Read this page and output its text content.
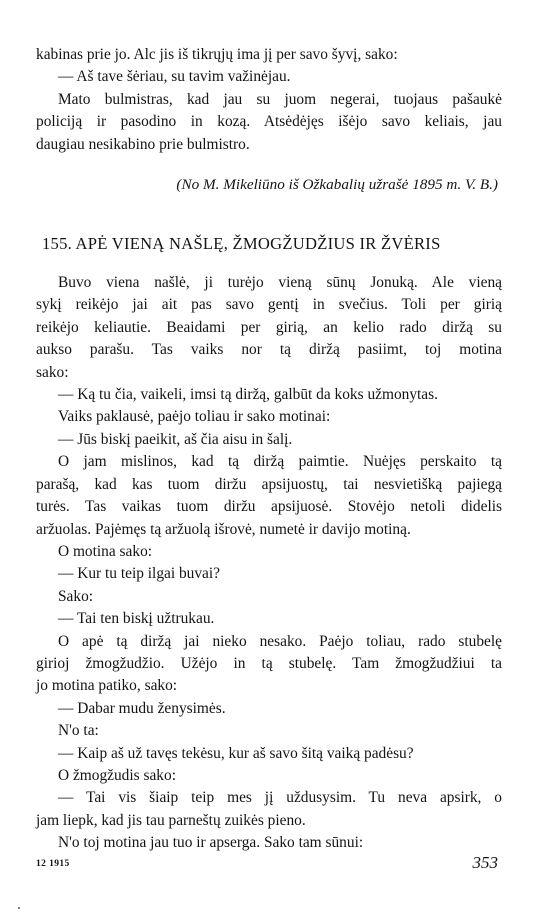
kabinas prie jo. Alc jis iš tikrųjų ima jį per savo šyvį, sako:
— Aš tave šėriau, su tavim važinėjau.
Mato bulmistras, kad jau su juom negerai, tuojaus pašaukė
policiją ir pasodino in kozą. Atsėdėjęs išėjo savo keliais, jau
daugiau nesikabino prie bulmistro.
(No M. Mikeliūno iš Ožkabalių užrašė 1895 m. V. B.)
155. APĖ VIENĄ NAŠLĘ, ŽMOGŽUDŽIUS IR ŽVĖRIS
Buvo viena našlė, ji turėjo vieną sūnų Jonuką. Ale vieną
sykį reikėjo jai ait pas savo gentį in svečius. Toli per girią
reikėjo keliautie. Beaidami per girią, an kelio rado diržą su
aukso parašu. Tas vaiks nor tą diržą pasiimt, toj motina
sako:
— Ką tu čia, vaikeli, imsi tą diržą, galbūt da koks užmonytas.
Vaiks paklausė, paėjo toliau ir sako motinai:
— Jūs biskį paeikit, aš čia aisu in šalį.
O jam mislinos, kad tą diržą paimtie. Nuėjęs perskaito tą
parašą, kad kas tuom diržu apsijuostų, tai nesvietišką pajiegą
turės. Tas vaikas tuom diržu apsijuosė. Stovėjo netoli didelis
aržuolas. Pajėmęs tą aržuolą išrovė, numetė ir davijo motiną.
O motina sako:
— Kur tu teip ilgai buvai?
Sako:
— Tai ten biskį užtrukau.
O apė tą diržą jai nieko nesako. Paėjo toliau, rado stubelę
girioj žmogžudžio. Užėjo in tą stubelę. Tam žmogžudžiui ta
jo motina patiko, sako:
— Dabar mudu ženysimės.
N'o ta:
— Kaip aš už tavęs tekėsu, kur aš savo šitą vaiką padėsu?
O žmogžudis sako:
— Tai vis šiaip teip mes jį uždusysim. Tu neva apsirk, o
jam liepk, kad jis tau parneštų zuikės pieno.
N'o toj motina jau tuo ir apserga. Sako tam sūnui:
12 1915	353
